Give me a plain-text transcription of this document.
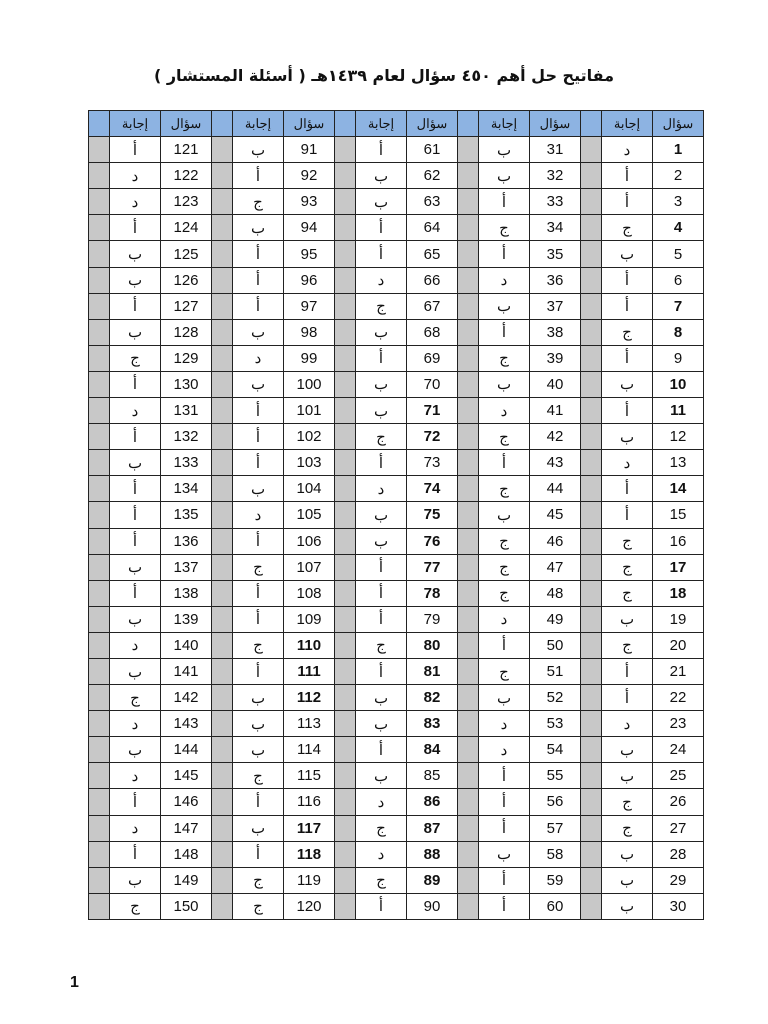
مفاتيح حل أهم ٤٥٠ سؤال لعام ١٤٣٩هـ ( أسئلة المستشار )
	إجابة	سؤال		إجابة	سؤال		إجابة	سؤال		إجابة	سؤال		إجابة	سؤال
	أ	121		ب	91		أ	61		ب	31		د	1
	د	122		أ	92		ب	62		ب	32		أ	2
	د	123		ج	93		ب	63		أ	33		أ	3
	أ	124		ب	94		أ	64		ج	34		ج	4
	ب	125		أ	95		أ	65		أ	35		ب	5
	ب	126		أ	96		د	66		د	36		أ	6
	أ	127		أ	97		ج	67		ب	37		أ	7
	ب	128		ب	98		ب	68		أ	38		ج	8
	ج	129		د	99		أ	69		ج	39		أ	9
	أ	130		ب	100		ب	70		ب	40		ب	10
	د	131		أ	101		ب	71		د	41		أ	11
	أ	132		أ	102		ج	72		ج	42		ب	12
	ب	133		أ	103		أ	73		أ	43		د	13
	أ	134		ب	104		د	74		ج	44		أ	14
	أ	135		د	105		ب	75		ب	45		أ	15
	أ	136		أ	106		ب	76		ج	46		ج	16
	ب	137		ج	107		أ	77		ج	47		ج	17
	أ	138		أ	108		أ	78		ج	48		ج	18
	ب	139		أ	109		أ	79		د	49		ب	19
	د	140		ج	110		ج	80		أ	50		ج	20
	ب	141		أ	111		أ	81		ج	51		أ	21
	ج	142		ب	112		ب	82		ب	52		أ	22
	د	143		ب	113		ب	83		د	53		د	23
	ب	144		ب	114		أ	84		د	54		ب	24
	د	145		ج	115		ب	85		أ	55		ب	25
	أ	146		أ	116		د	86		أ	56		ج	26
	د	147		ب	117		ج	87		أ	57		ج	27
	أ	148		أ	118		د	88		ب	58		ب	28
	ب	149		ج	119		ج	89		أ	59		ب	29
	ج	150		ج	120		أ	90		أ	60		ب	30
1
